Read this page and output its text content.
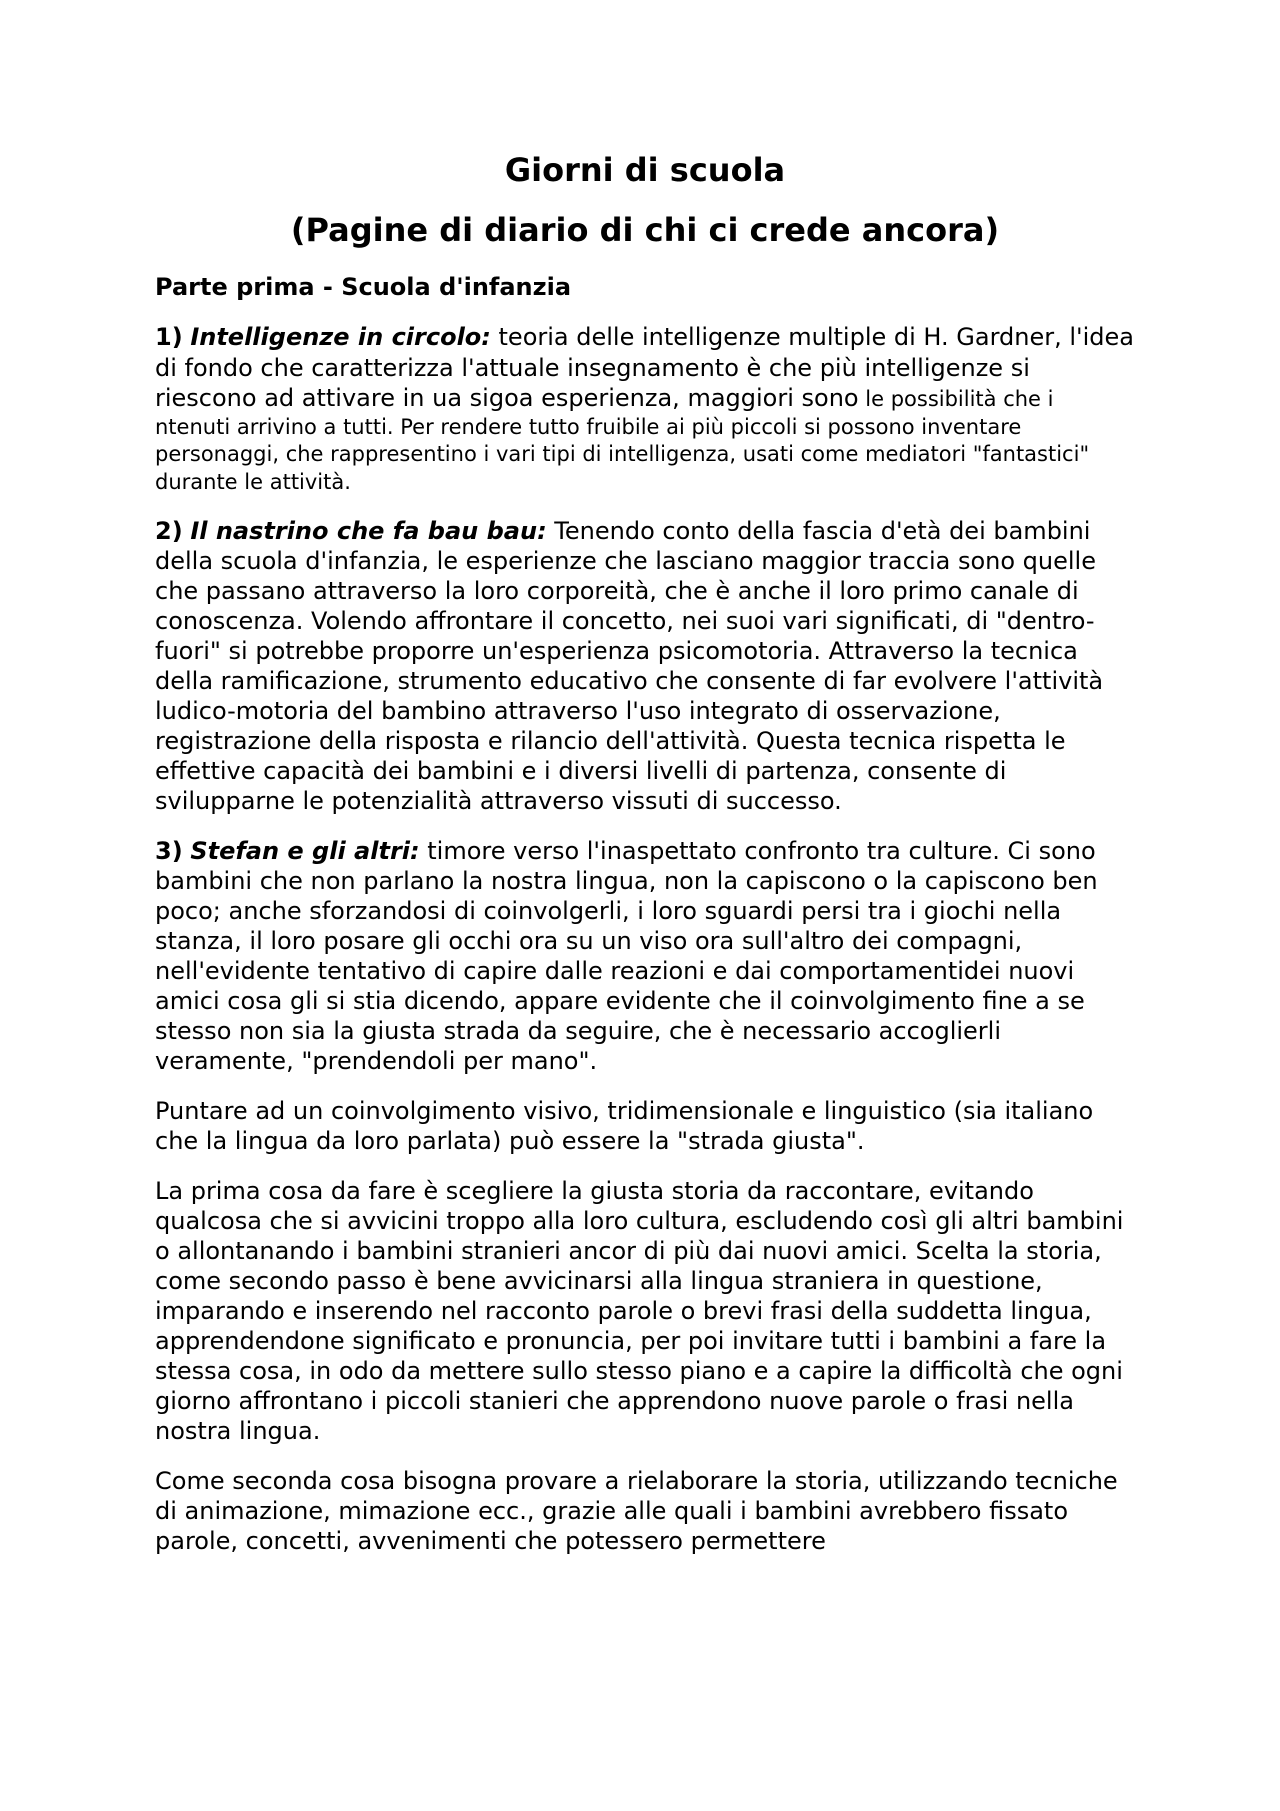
Giorni di scuola
(Pagine di diario di chi ci crede ancora)
Parte prima - Scuola d'infanzia

1) Intelligenze in circolo: teoria delle intelligenze multiple di H. Gardner, l'idea di fondo che caratterizza l'attuale insegnamento è che più intelligenze si riescono ad attivare in ua sigoa esperienza, maggiori sono le possibilità che i ntenuti arrivino a tutti. Per rendere tutto fruibile ai più piccoli si possono inventare personaggi, che rappresentino i vari tipi di intelligenza, usati come mediatori "fantastici" durante le attività.

2) Il nastrino che fa bau bau: Tenendo conto della fascia d'età dei bambini della scuola d'infanzia, le esperienze che lasciano maggior traccia sono quelle che passano attraverso la loro corporeità, che è anche il loro primo canale di conoscenza. Volendo affrontare il concetto, nei suoi vari significati, di "dentro-fuori" si potrebbe proporre un'esperienza psicomotoria. Attraverso la tecnica della ramificazione, strumento educativo che consente di far evolvere l'attività ludico-motoria del bambino attraverso l'uso integrato di osservazione, registrazione della risposta e rilancio dell'attività. Questa tecnica rispetta le effettive capacità dei bambini e i diversi livelli di partenza, consente di svilupparne le potenzialità attraverso vissuti di successo.

3) Stefan e gli altri: timore verso l'inaspettato confronto tra culture. Ci sono bambini che non parlano la nostra lingua, non la capiscono o la capiscono ben poco; anche sforzandosi di coinvolgerli, i loro sguardi persi tra i giochi nella stanza, il loro posare gli occhi ora su un viso ora sull'altro dei compagni, nell'evidente tentativo di capire dalle reazioni e dai comportamentidei nuovi amici cosa gli si stia dicendo, appare evidente che il coinvolgimento fine a se stesso non sia la giusta strada da seguire, che è necessario accoglierli veramente, "prendendoli per mano".

Puntare ad un coinvolgimento visivo, tridimensionale e linguistico (sia italiano che la lingua da loro parlata) può essere la "strada giusta".

La prima cosa da fare è scegliere la giusta storia da raccontare, evitando qualcosa che si avvicini troppo alla loro cultura, escludendo così gli altri bambini o allontanando i bambini stranieri ancor di più dai nuovi amici. Scelta la storia, come secondo passo è bene avvicinarsi alla lingua straniera in questione, imparando e inserendo nel racconto parole o brevi frasi della suddetta lingua, apprendendone significato e pronuncia, per poi invitare tutti i bambini a fare la stessa cosa, in odo da mettere sullo stesso piano e a capire la difficoltà che ogni giorno affrontano i piccoli stanieri che apprendono nuove parole o frasi nella nostra lingua.

Come seconda cosa bisogna provare a rielaborare la storia, utilizzando tecniche di animazione, mimazione ecc., grazie alle quali i bambini avrebbero fissato parole, concetti, avvenimenti che potessero permettere
